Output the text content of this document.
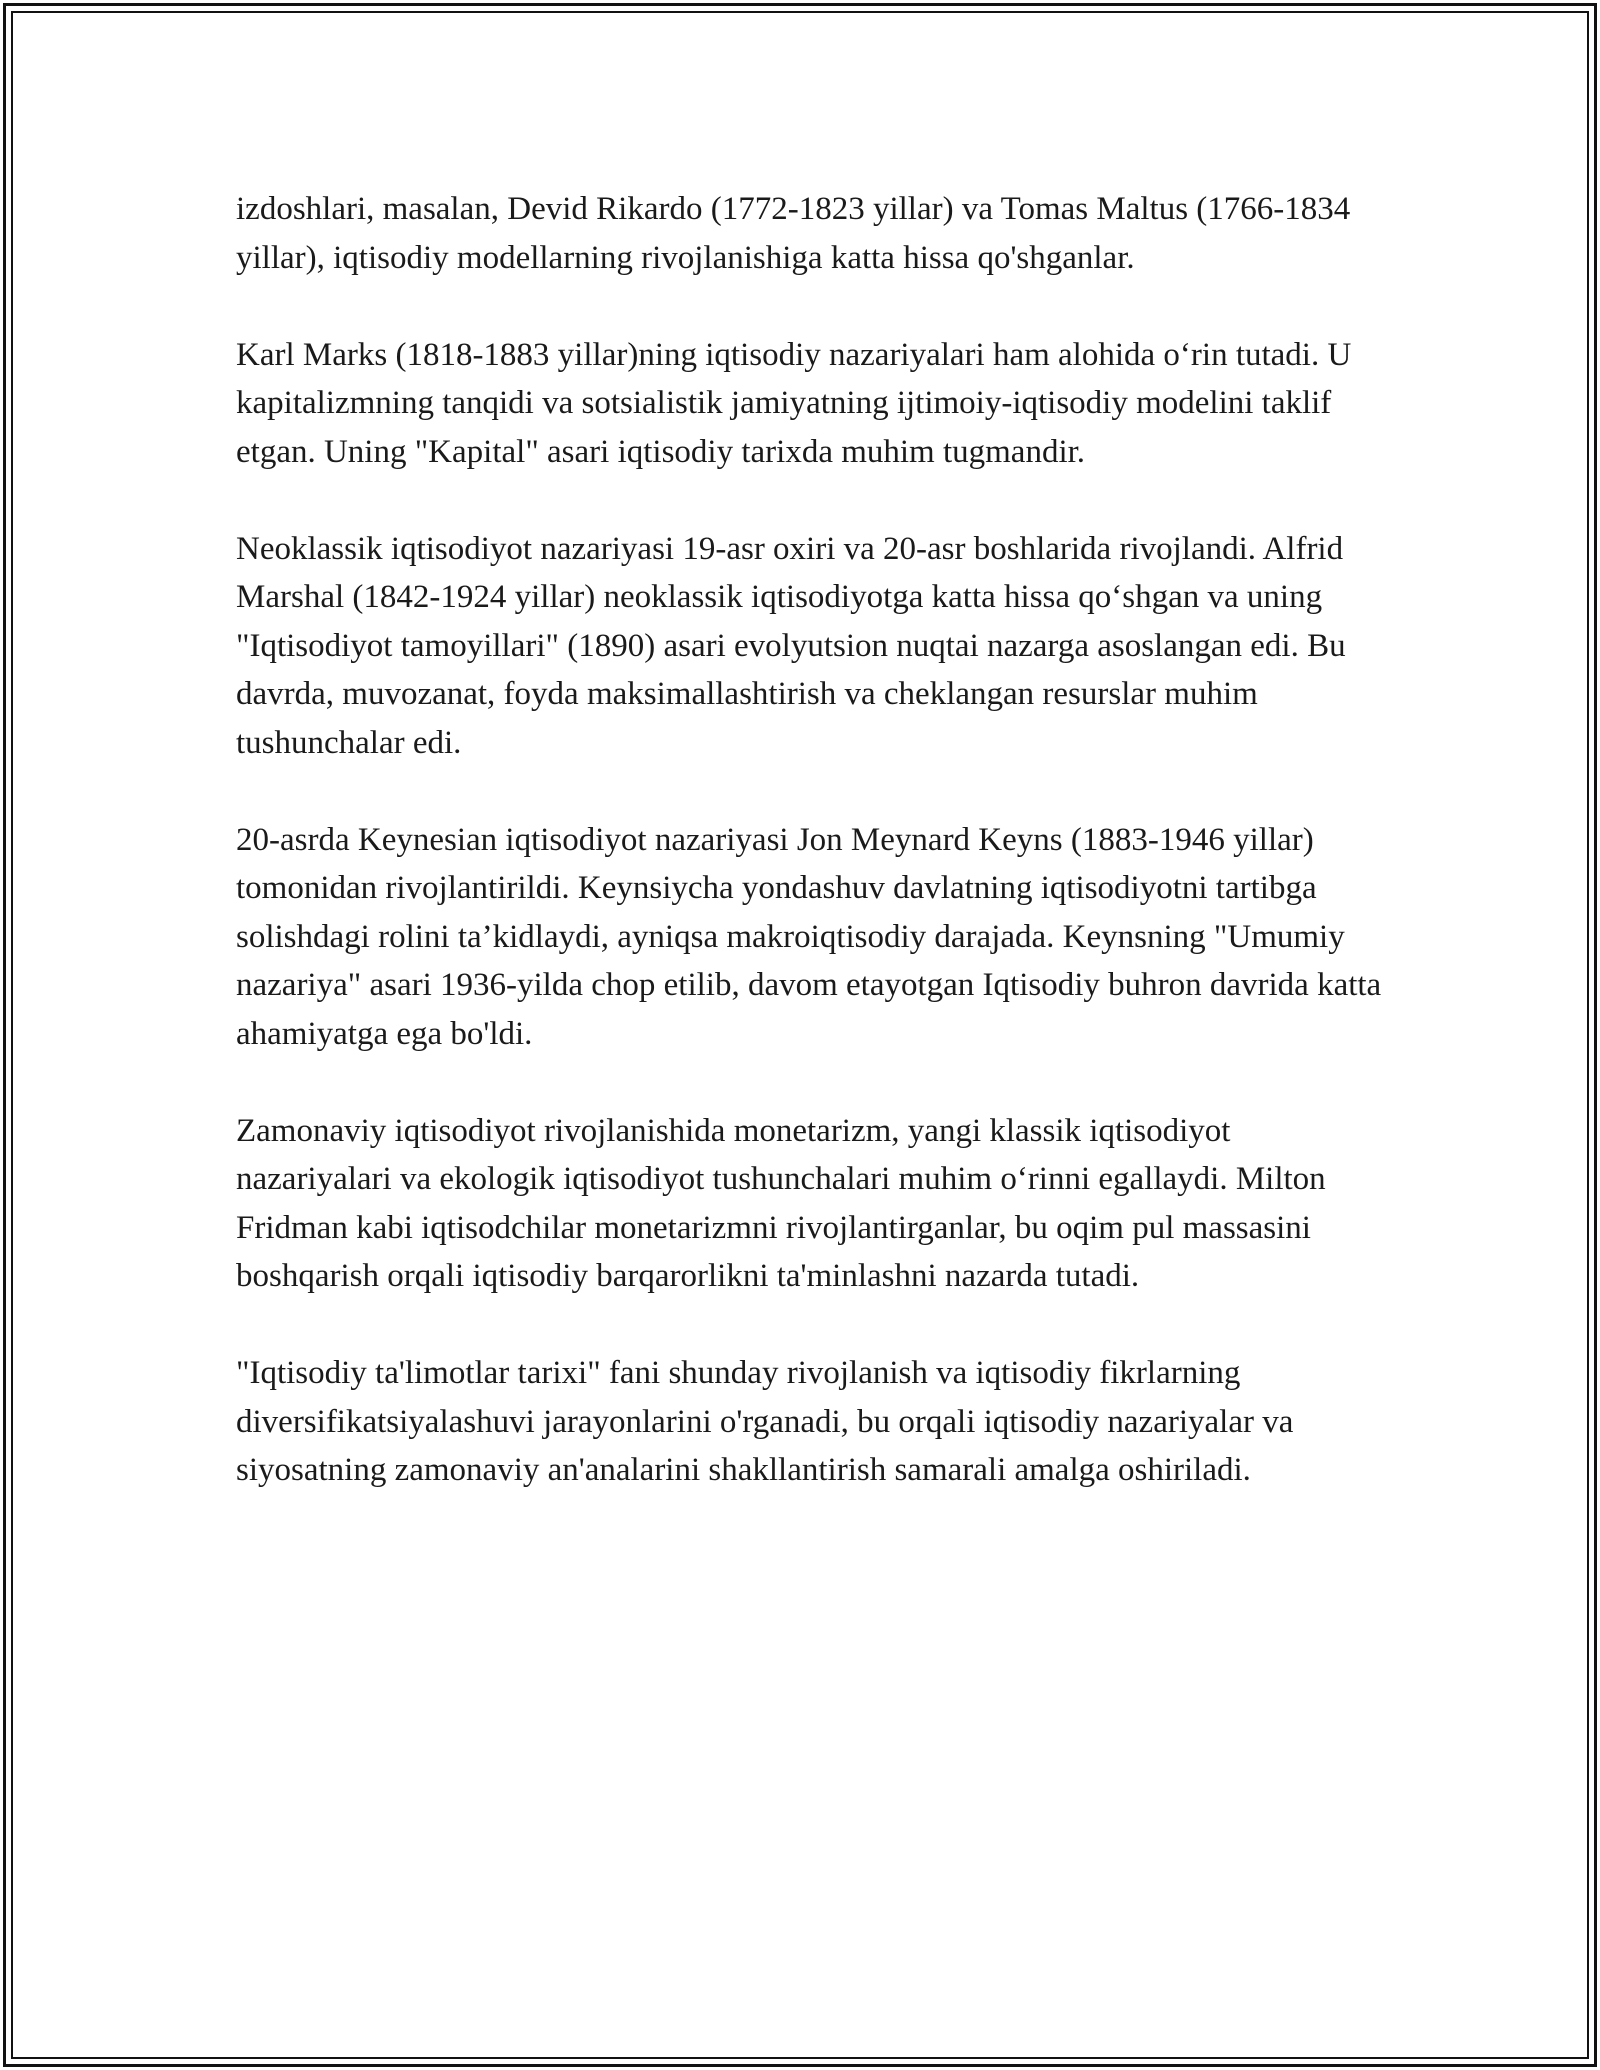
izdoshlari, masalan, Devid Rikardo (1772-1823 yillar) va Tomas Maltus (1766-1834 yillar), iqtisodiy modellarning rivojlanishiga katta hissa qo'shganlar.

Karl Marks (1818-1883 yillar)ning iqtisodiy nazariyalari ham alohida o‘rin tutadi. U kapitalizmning tanqidi va sotsialistik jamiyatning ijtimoiy-iqtisodiy modelini taklif etgan. Uning "Kapital" asari iqtisodiy tarixda muhim tugmandir.

Neoklassik iqtisodiyot nazariyasi 19-asr oxiri va 20-asr boshlarida rivojlandi. Alfrid Marshal (1842-1924 yillar) neoklassik iqtisodiyotga katta hissa qo‘shgan va uning "Iqtisodiyot tamoyillari" (1890) asari evolyutsion nuqtai nazarga asoslangan edi. Bu davrda, muvozanat, foyda maksimallashtirish va cheklangan resurslar muhim tushunchalar edi.

20-asrda Keynesian iqtisodiyot nazariyasi Jon Meynard Keyns (1883-1946 yillar) tomonidan rivojlantirildi. Keynsiycha yondashuv davlatning iqtisodiyotni tartibga solishdagi rolini ta’kidlaydi, ayniqsa makroiqtisodiy darajada. Keynsning "Umumiy nazariya" asari 1936-yilda chop etilib, davom etayotgan Iqtisodiy buhron davrida katta ahamiyatga ega bo'ldi.

Zamonaviy iqtisodiyot rivojlanishida monetarizm, yangi klassik iqtisodiyot nazariyalari va ekologik iqtisodiyot tushunchalari muhim o‘rinni egallaydi. Milton Fridman kabi iqtisodchilar monetarizmni rivojlantirganlar, bu oqim pul massasini boshqarish orqali iqtisodiy barqarorlikni ta'minlashni nazarda tutadi.

"Iqtisodiy ta'limotlar tarixi" fani shunday rivojlanish va iqtisodiy fikrlarning diversifikatsiyalashuvi jarayonlarini o'rganadi, bu orqali iqtisodiy nazariyalar va siyosatning zamonaviy an'analarini shakllantirish samarali amalga oshiriladi.
